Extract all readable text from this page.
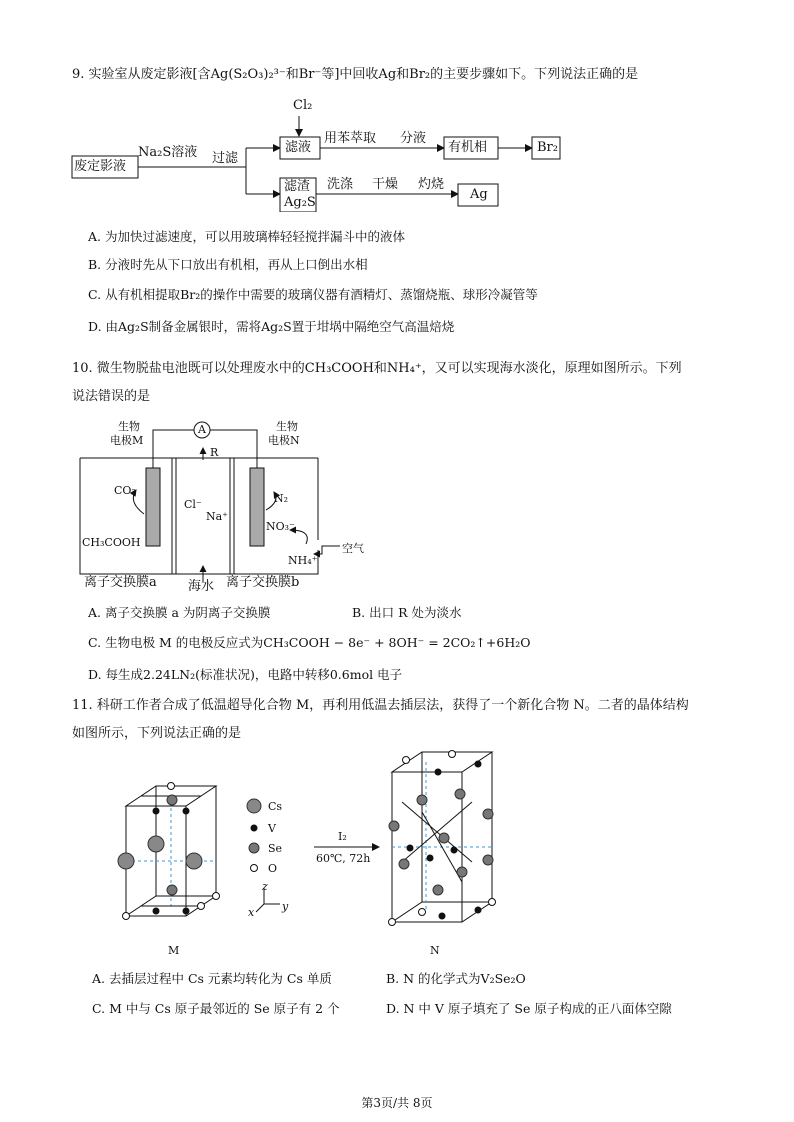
9. 实验室从废定影液[含Ag(S₂O₃)₂³⁻和Br⁻等]中回收Ag和Br₂的主要步骤如下。下列说法正确的是
废定影液
Na₂S溶液 过滤
Cl₂
滤液
用苯萃取 分液
有机相	Br₂
滤渣
Ag₂S
洗涤 干燥 灼烧
Ag
A. 为加快过滤速度，可以用玻璃棒轻轻搅拌漏斗中的液体
B. 分液时先从下口放出有机相，再从上口倒出水相
C. 从有机相提取Br₂的操作中需要的玻璃仪器有酒精灯、蒸馏烧瓶、球形冷凝管等
D. 由Ag₂S制备金属银时，需将Ag₂S置于坩埚中隔绝空气高温焙烧
10. 微生物脱盐电池既可以处理废水中的CH₃COOH和NH₄⁺，又可以实现海水淡化，原理如图所示。下列
说法错误的是
生物
电极M
生物
电极N
A
R
CO₂
CH₃COOH
Cl⁻
Na⁺
N₂
NO₃⁻
NH₄⁺
空气
离子交换膜a 海水 离子交换膜b
A. 离子交换膜 a 为阴离子交换膜	B. 出口 R 处为淡水
C. 生物电极 M 的电极反应式为CH₃COOH − 8e⁻ + 8OH⁻ = 2CO₂↑+6H₂O
D. 每生成2.24LN₂(标准状况)，电路中转移0.6mol 电子
11. 科研工作者合成了低温超导化合物 M，再利用低温去插层法，获得了一个新化合物 N。二者的晶体结构
如图所示，下列说法正确的是
M
Cs
V
Se
O
z
x	y
I₂
60℃, 72h
N
A. 去插层过程中 Cs 元素均转化为 Cs 单质	B. N 的化学式为V₂Se₂O
C. M 中与 Cs 原子最邻近的 Se 原子有 2 个	D. N 中 V 原子填充了 Se 原子构成的正八面体空隙
第3页/共 8页
